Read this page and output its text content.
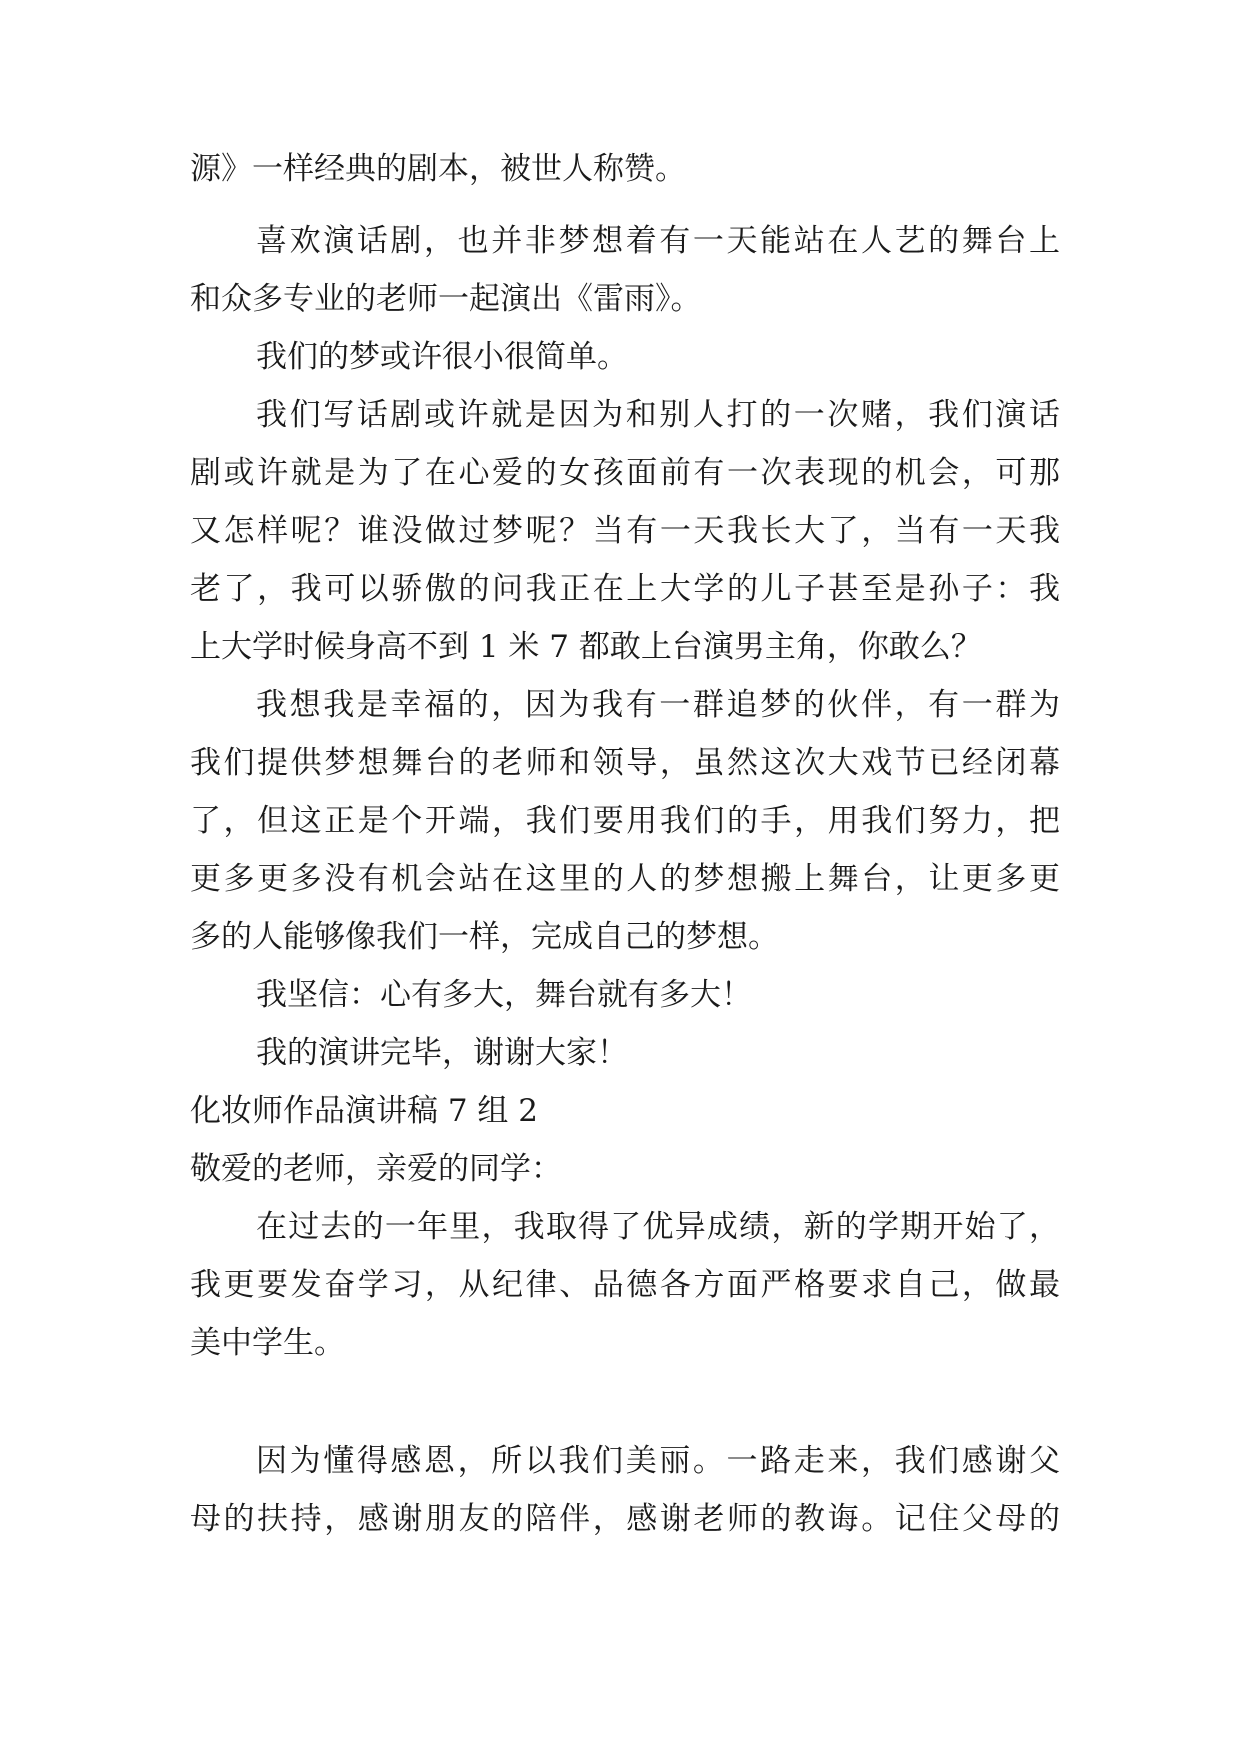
源》一样经典的剧本，被世人称赞。
喜欢演话剧，也并非梦想着有一天能站在人艺的舞台上
和众多专业的老师一起演出《雷雨》。
我们的梦或许很小很简单。
我们写话剧或许就是因为和别人打的一次赌，我们演话
剧或许就是为了在心爱的女孩面前有一次表现的机会，可那
又怎样呢？谁没做过梦呢？当有一天我长大了，当有一天我
老了，我可以骄傲的问我正在上大学的儿子甚至是孙子：我
上大学时候身高不到 1 米 7 都敢上台演男主角，你敢么？
我想我是幸福的，因为我有一群追梦的伙伴，有一群为
我们提供梦想舞台的老师和领导，虽然这次大戏节已经闭幕
了，但这正是个开端，我们要用我们的手，用我们努力，把
更多更多没有机会站在这里的人的梦想搬上舞台，让更多更
多的人能够像我们一样，完成自己的梦想。
我坚信：心有多大，舞台就有多大！
我的演讲完毕，谢谢大家！
化妆师作品演讲稿 7 组 2
敬爱的老师，亲爱的同学：
在过去的一年里，我取得了优异成绩，新的学期开始了，
我更要发奋学习，从纪律、品德各方面严格要求自己，做最
美中学生。
因为懂得感恩，所以我们美丽。一路走来，我们感谢父
母的扶持，感谢朋友的陪伴，感谢老师的教诲。记住父母的
